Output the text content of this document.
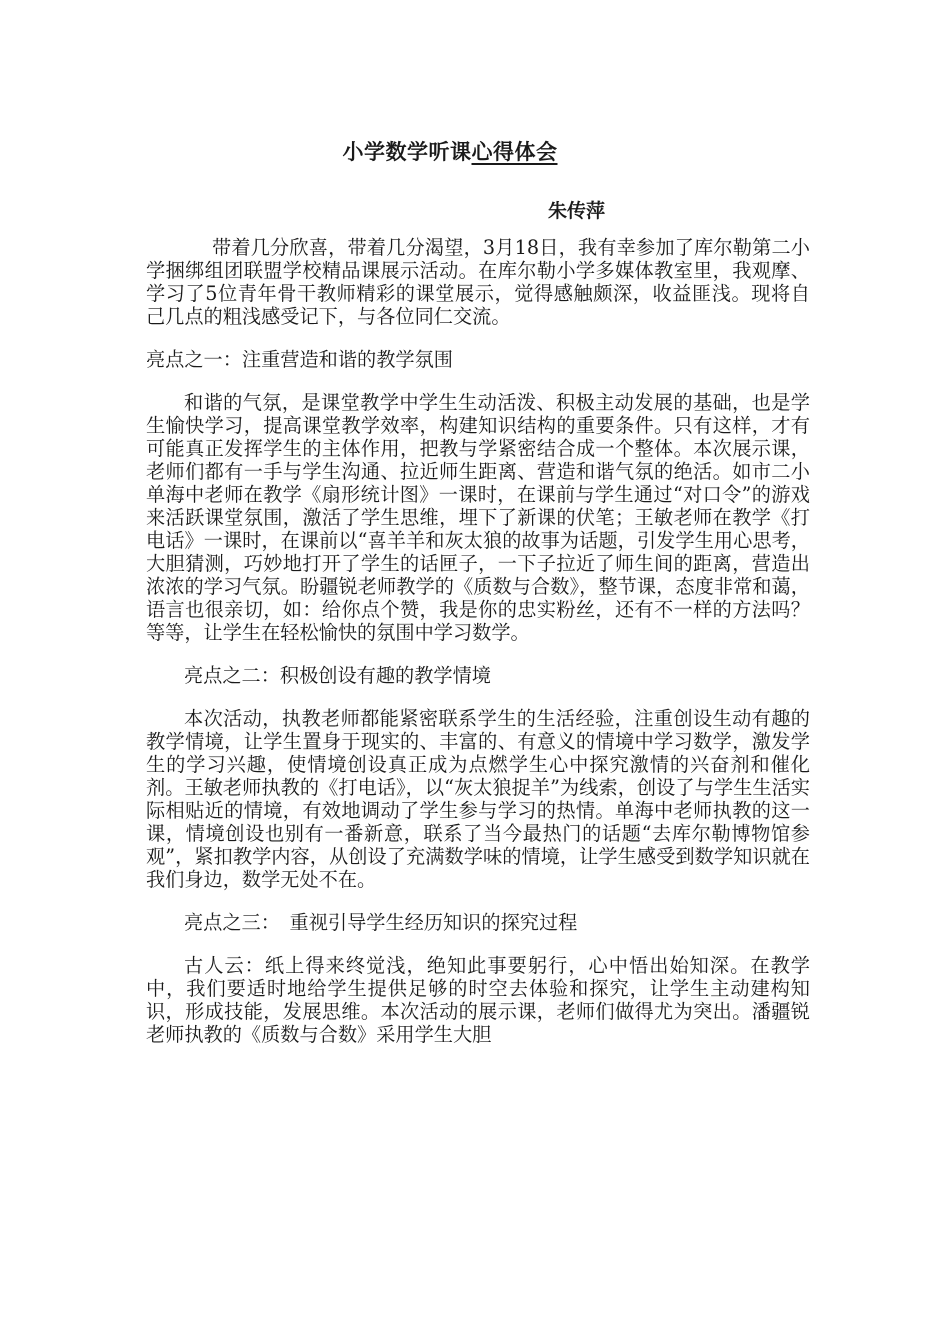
小学数学听课心得体会
朱传萍

带着几分欣喜，带着几分渴望，3月18日，我有幸参加了库尔勒第二小学捆绑组团联盟学校精品课展示活动。在库尔勒小学多媒体教室里，我观摩、学习了5位青年骨干教师精彩的课堂展示，觉得感触颇深，收益匪浅。现将自己几点的粗浅感受记下，与各位同仁交流。

亮点之一：注重营造和谐的教学氛围

和谐的气氛，是课堂教学中学生生动活泼、积极主动发展的基础，也是学生愉快学习，提高课堂教学效率，构建知识结构的重要条件。只有这样，才有可能真正发挥学生的主体作用，把教与学紧密结合成一个整体。本次展示课，老师们都有一手与学生沟通、拉近师生距离、营造和谐气氛的绝活。如市二小单海中老师在教学《扇形统计图》一课时，在课前与学生通过“对口令”的游戏来活跃课堂氛围，激活了学生思维，埋下了新课的伏笔；王敏老师在教学《打电话》一课时，在课前以“喜羊羊和灰太狼的故事为话题，引发学生用心思考，大胆猜测，巧妙地打开了学生的话匣子，一下子拉近了师生间的距离，营造出浓浓的学习气氛。盼疆锐老师教学的《质数与合数》，整节课，态度非常和蔼，语言也很亲切，如：给你点个赞，我是你的忠实粉丝，还有不一样的方法吗？等等，让学生在轻松愉快的氛围中学习数学。

亮点之二：积极创设有趣的教学情境

本次活动，执教老师都能紧密联系学生的生活经验，注重创设生动有趣的教学情境，让学生置身于现实的、丰富的、有意义的情境中学习数学，激发学生的学习兴趣，使情境创设真正成为点燃学生心中探究激情的兴奋剂和催化剂。王敏老师执教的《打电话》，以“灰太狼捉羊”为线索，创设了与学生生活实际相贴近的情境，有效地调动了学生参与学习的热情。单海中老师执教的这一课，情境创设也别有一番新意，联系了当今最热门的话题“去库尔勒博物馆参观”，紧扣教学内容，从创设了充满数学味的情境，让学生感受到数学知识就在我们身边，数学无处不在。

亮点之三：　重视引导学生经历知识的探究过程

古人云：纸上得来终觉浅，绝知此事要躬行，心中悟出始知深。在教学中，我们要适时地给学生提供足够的时空去体验和探究，让学生主动建构知识，形成技能，发展思维。本次活动的展示课，老师们做得尤为突出。潘疆锐老师执教的《质数与合数》采用学生大胆
